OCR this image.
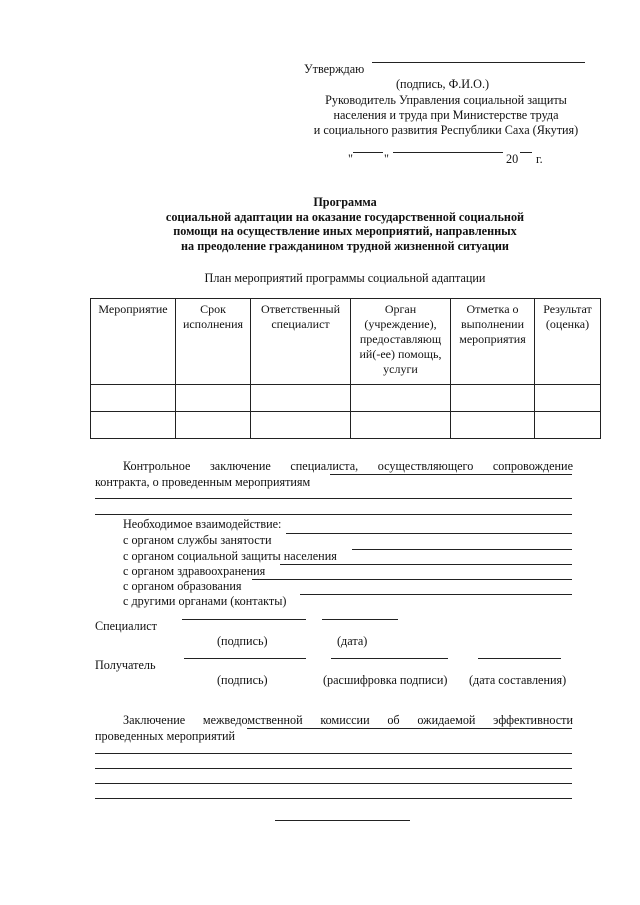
Утверждаю
(подпись, Ф.И.О.)
Руководитель Управления социальной защиты
населения и труда при Министерстве труда
и социального развития Республики Саха (Якутия)
"	"	20 г.
Программа
социальной адаптации на оказание государственной социальной
помощи на осуществление иных мероприятий, направленных
на преодоление гражданином трудной жизненной ситуации
План мероприятий программы социальной адаптации
Мероприятие	Срок исполнения	Ответственный специалист	Орган (учреждение), предоставляющ ий(-ее) помощь, услуги	Отметка о выполнении мероприятия	Результат (оценка)

Контрольное заключение специалиста, осуществляющего сопровождение
контракта, о проведенным мероприятиям
Необходимое взаимодействие:
с органом службы занятости
с органом социальной защиты населения
с органом здравоохранения
с органом образования
с другими органами (контакты)
Специалист
(подпись)	(дата)
Получатель
(подпись)	(расшифровка подписи) (дата составления)
Заключение межведомственной комиссии об ожидаемой эффективности
проведенных мероприятий
